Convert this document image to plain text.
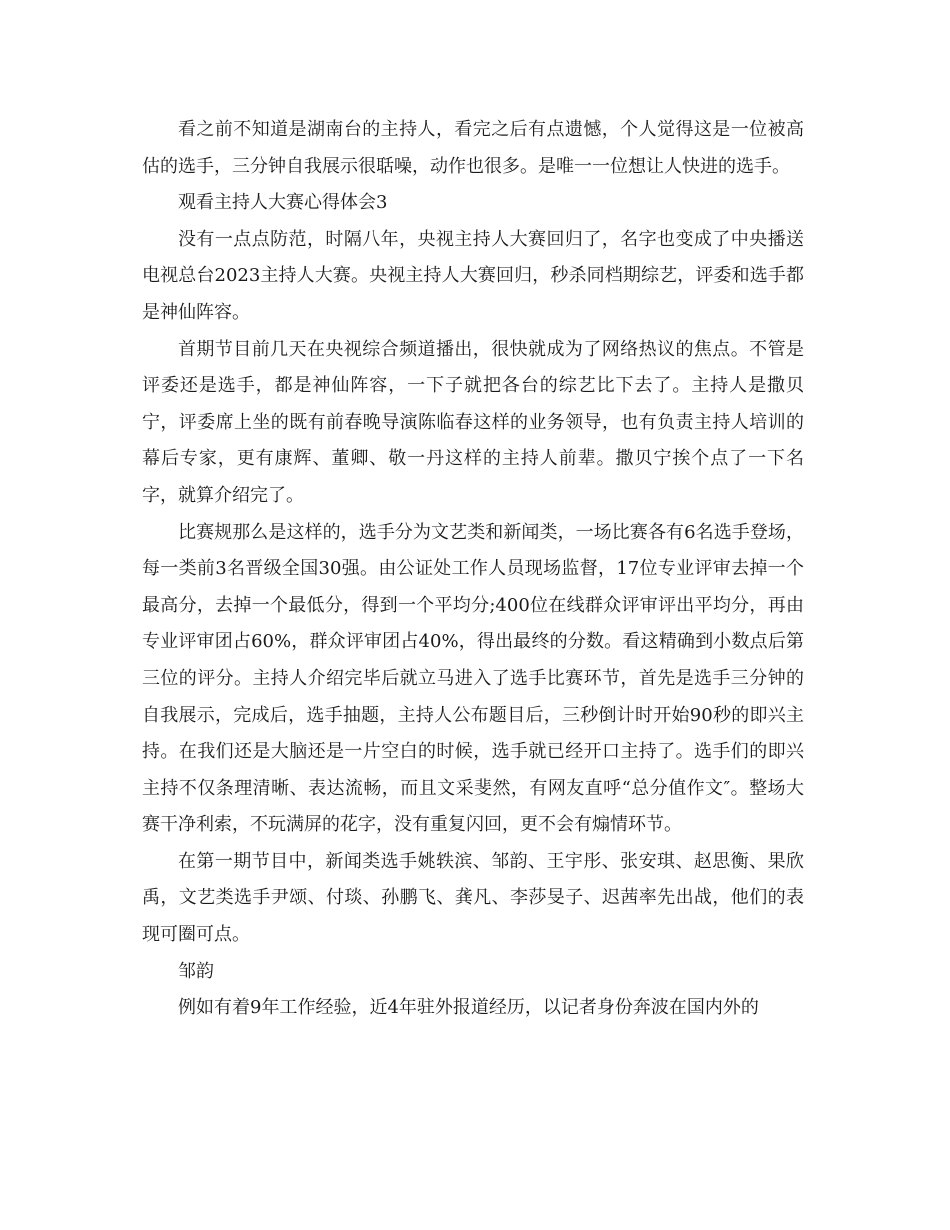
看之前不知道是湖南台的主持人，看完之后有点遗憾，个人觉得这是一位被高估的选手，三分钟自我展示很聒噪，动作也很多。是唯一一位想让人快进的选手。

观看主持人大赛心得体会3

没有一点点防范，时隔八年，央视主持人大赛回归了，名字也变成了中央播送电视总台2023主持人大赛。央视主持人大赛回归，秒杀同档期综艺，评委和选手都是神仙阵容。

首期节目前几天在央视综合频道播出，很快就成为了网络热议的焦点。不管是评委还是选手，都是神仙阵容，一下子就把各台的综艺比下去了。主持人是撒贝宁，评委席上坐的既有前春晚导演陈临春这样的业务领导，也有负责主持人培训的幕后专家，更有康辉、董卿、敬一丹这样的主持人前辈。撒贝宁挨个点了一下名字，就算介绍完了。

比赛规那么是这样的，选手分为文艺类和新闻类，一场比赛各有6名选手登场，每一类前3名晋级全国30强。由公证处工作人员现场监督，17位专业评审去掉一个最高分，去掉一个最低分，得到一个平均分;400位在线群众评审评出平均分，再由专业评审团占60%，群众评审团占40%，得出最终的分数。看这精确到小数点后第三位的评分。主持人介绍完毕后就立马进入了选手比赛环节，首先是选手三分钟的自我展示，完成后，选手抽题，主持人公布题目后，三秒倒计时开始90秒的即兴主持。在我们还是大脑还是一片空白的时候，选手就已经开口主持了。选手们的即兴主持不仅条理清晰、表达流畅，而且文采斐然，有网友直呼“总分值作文″。整场大赛干净利索，不玩满屏的花字，没有重复闪回，更不会有煽情环节。

在第一期节目中，新闻类选手姚轶滨、邹韵、王宇彤、张安琪、赵思衡、果欣禹，文艺类选手尹颂、付琰、孙鹏飞、龚凡、李莎旻子、迟茜率先出战，他们的表现可圈可点。

邹韵

例如有着9年工作经验，近4年驻外报道经历，以记者身份奔波在国内外的
